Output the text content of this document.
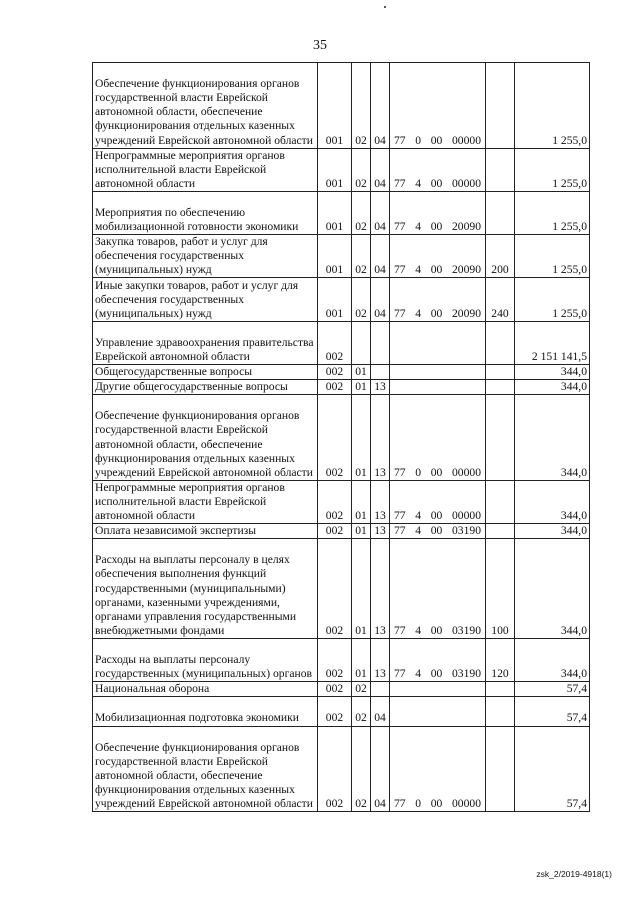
35
Обеспечение функционирования органов государственной власти Еврейской автономной области, обеспечение функционирования отдельных казенных учреждений Еврейской автономной области	001	02	04	77 0 00 00000		1 255,0
Непрограммные мероприятия органов исполнительной власти Еврейской автономной области	001	02	04	77 4 00 00000		1 255,0
Мероприятия по обеспечению мобилизационной готовности экономики	001	02	04	77 4 00 20090		1 255,0
Закупка товаров, работ и услуг для обеспечения государственных (муниципальных) нужд	001	02	04	77 4 00 20090	200	1 255,0
Иные закупки товаров, работ и услуг для обеспечения государственных (муниципальных) нужд	001	02	04	77 4 00 20090	240	1 255,0
Управление здравоохранения правительства Еврейской автономной области	002					2 151 141,5
Общегосударственные вопросы	002	01				344,0
Другие общегосударственные вопросы	002	01	13			344,0
Обеспечение функционирования органов государственной власти Еврейской автономной области, обеспечение функционирования отдельных казенных учреждений Еврейской автономной области	002	01	13	77 0 00 00000		344,0
Непрограммные мероприятия органов исполнительной власти Еврейской автономной области	002	01	13	77 4 00 00000		344,0
Оплата независимой экспертизы	002	01	13	77 4 00 03190		344,0
Расходы на выплаты персоналу в целях обеспечения выполнения функций государственными (муниципальными) органами, казенными учреждениями, органами управления государственными внебюджетными фондами	002	01	13	77 4 00 03190	100	344,0
Расходы на выплаты персоналу государственных (муниципальных) органов	002	01	13	77 4 00 03190	120	344,0
Национальная оборона	002	02				57,4
Мобилизационная подготовка экономики	002	02	04			57,4
Обеспечение функционирования органов государственной власти Еврейской автономной области, обеспечение функционирования отдельных казенных учреждений Еврейской автономной области	002	02	04	77 0 00 00000		57,4
zsk_2/2019-4918(1)
